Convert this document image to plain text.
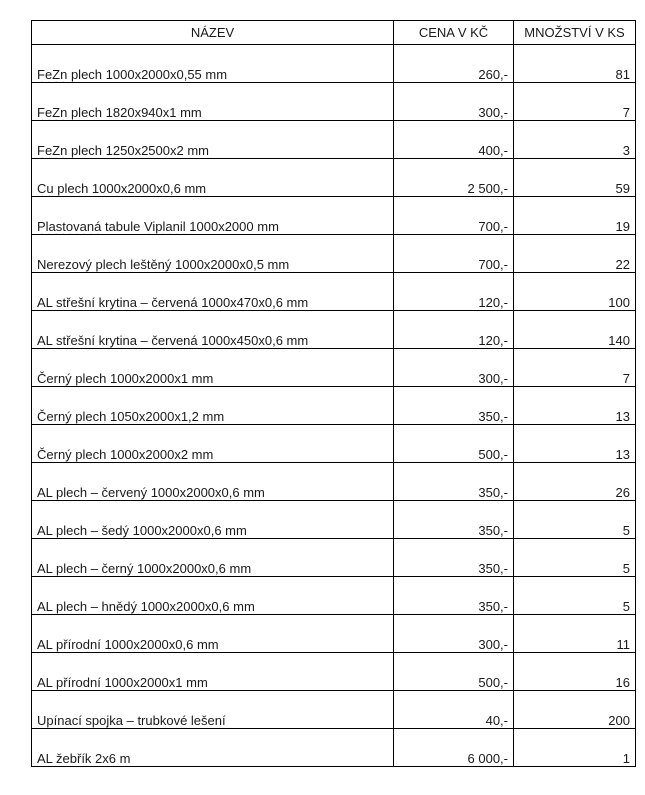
NÁZEV	CENA V KČ	MNOŽSTVÍ V KS
FeZn plech 1000x2000x0,55 mm	260,-	81
FeZn plech 1820x940x1 mm	300,-	7
FeZn plech 1250x2500x2 mm	400,-	3
Cu plech 1000x2000x0,6 mm	2 500,-	59
Plastovaná tabule Viplanil 1000x2000 mm	700,-	19
Nerezový plech leštěný 1000x2000x0,5 mm	700,-	22
AL střešní krytina – červená 1000x470x0,6 mm	120,-	100
AL střešní krytina – červená 1000x450x0,6 mm	120,-	140
Černý plech 1000x2000x1 mm	300,-	7
Černý plech 1050x2000x1,2 mm	350,-	13
Černý plech 1000x2000x2 mm	500,-	13
AL plech – červený 1000x2000x0,6 mm	350,-	26
AL plech – šedý 1000x2000x0,6 mm	350,-	5
AL plech – černý 1000x2000x0,6 mm	350,-	5
AL plech – hnědý 1000x2000x0,6 mm	350,-	5
AL přírodní 1000x2000x0,6 mm	300,-	11
AL přírodní 1000x2000x1 mm	500,-	16
Upínací spojka – trubkové lešení	40,-	200
AL žebřík 2x6 m	6 000,-	1
